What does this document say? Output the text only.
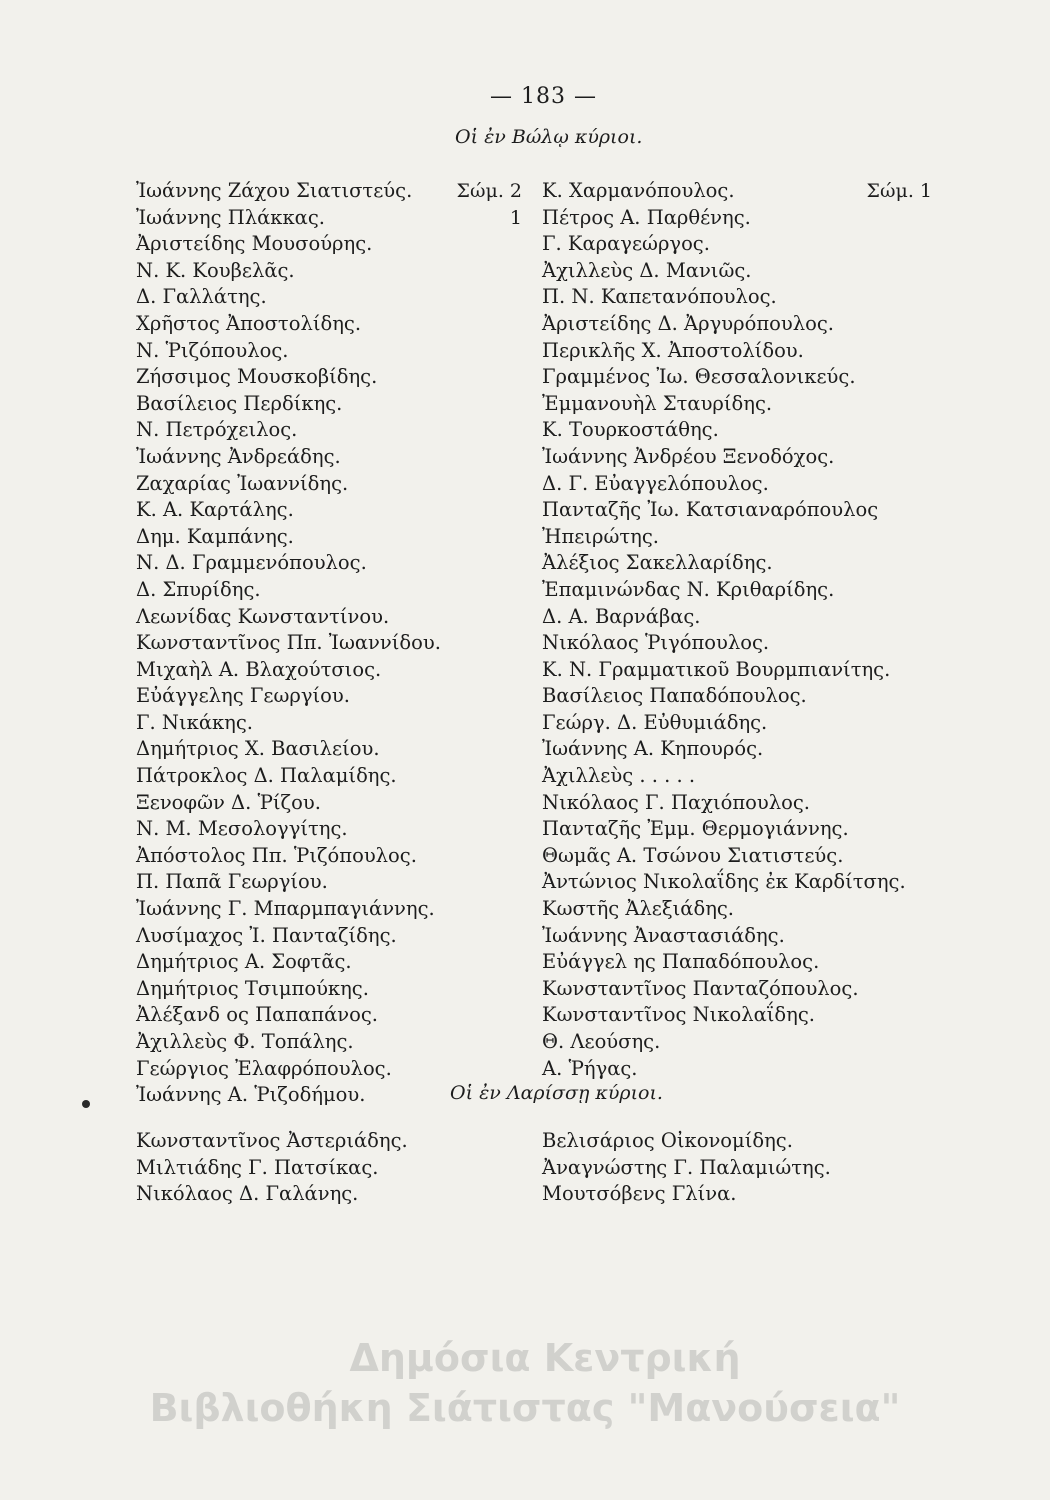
— 183 —
Οἱ ἐν Βώλῳ κύριοι.
Ἰωάννης Ζάχου Σιατιστεύς. Σώμ. 2
Ἰωάννης Πλάκκας.	1
Ἀριστείδης Μουσούρης.
Ν. Κ. Κουβελᾶς.
Δ. Γαλλάτης.
Χρῆστος Ἀποστολίδης.
Ν. Ῥιζόπουλος.
Ζήσσιμος Μουσκοβίδης.
Βασίλειος Περδίκης.
Ν. Πετρόχειλος.
Ἰωάννης Ἀνδρεάδης.
Ζαχαρίας Ἰωαννίδης.
Κ. Α. Καρτάλης.
Δημ. Καμπάνης.
Ν. Δ. Γραμμενόπουλος.
Δ. Σπυρίδης.
Λεωνίδας Κωνσταντίνου.
Κωνσταντῖνος Ππ. Ἰωαννίδου.
Μιχαὴλ Α. Βλαχούτσιος.
Εὐάγγελης Γεωργίου.
Γ. Νικάκης.
Δημήτριος Χ. Βασιλείου.
Πάτροκλος Δ. Παλαμίδης.
Ξενοφῶν Δ. Ῥίζου.
Ν. Μ. Μεσολογγίτης.
Ἀπόστολος Ππ. Ῥιζόπουλος.
Π. Παπᾶ Γεωργίου.
Ἰωάννης Γ. Μπαρμπαγιάννης.
Λυσίμαχος Ἰ. Πανταζίδης.
Δημήτριος Α. Σοφτᾶς.
Δημήτριος Τσιμπούκης.
Ἀλέξανδ ος Παπαπάνος.
Ἀχιλλεὺς Φ. Τοπάλης.
Γεώργιος Ἐλαφρόπουλος.
Ἰωάννης Α. Ῥιζοδήμου.
Κ. Χαρμανόπουλος.	Σώμ. 1
Πέτρος Α. Παρθένης.
Γ. Καραγεώργος.
Ἀχιλλεὺς Δ. Μανιῶς.
Π. Ν. Καπετανόπουλος.
Ἀριστείδης Δ. Ἀργυρόπουλος.
Περικλῆς Χ. Ἀποστολίδου.
Γραμμένος Ἰω. Θεσσαλονικεύς.
Ἐμμανουὴλ Σταυρίδης.
Κ. Τουρκοστάθης.
Ἰωάννης Ἀνδρέου Ξενοδόχος.
Δ. Γ. Εὐαγγελόπουλος.
Πανταζῆς Ἰω. Κατσιαναρόπουλος
Ἠπειρώτης.
Ἀλέξιος Σακελλαρίδης.
Ἐπαμινώνδας Ν. Κριθαρίδης.
Δ. Α. Βαρνάβας.
Νικόλαος Ῥιγόπουλος.
Κ. Ν. Γραμματικοῦ Βουρμπιανίτης.
Βασίλειος Παπαδόπουλος.
Γεώργ. Δ. Εὐθυμιάδης.
Ἰωάννης Α. Κηπουρός.
Ἀχιλλεὺς . . . . .
Νικόλαος Γ. Παχιόπουλος.
Πανταζῆς Ἐμμ. Θερμογιάννης.
Θωμᾶς Α. Τσώνου Σιατιστεύς.
Ἀντώνιος Νικολαΐδης ἐκ Καρδίτσης.
Κωστῆς Ἀλεξιάδης.
Ἰωάννης Ἀναστασιάδης.
Εὐάγγελ ης Παπαδόπουλος.
Κωνσταντῖνος Πανταζόπουλος.
Κωνσταντῖνος Νικολαΐδης.
Θ. Λεούσης.
Α. Ῥήγας.
Οἱ ἐν Λαρίσσῃ κύριοι.
Κωνσταντῖνος Ἀστεριάδης.
Μιλτιάδης Γ. Πατσίκας.
Νικόλαος Δ. Γαλάνης.
Βελισάριος Οἰκονομίδης.
Ἀναγνώστης Γ. Παλαμιώτης.
Μουτσόβενς Γλίνα.
Δημόσια Κεντρική
Βιβλιοθήκη Σιάτιστας "Μανούσεια"
